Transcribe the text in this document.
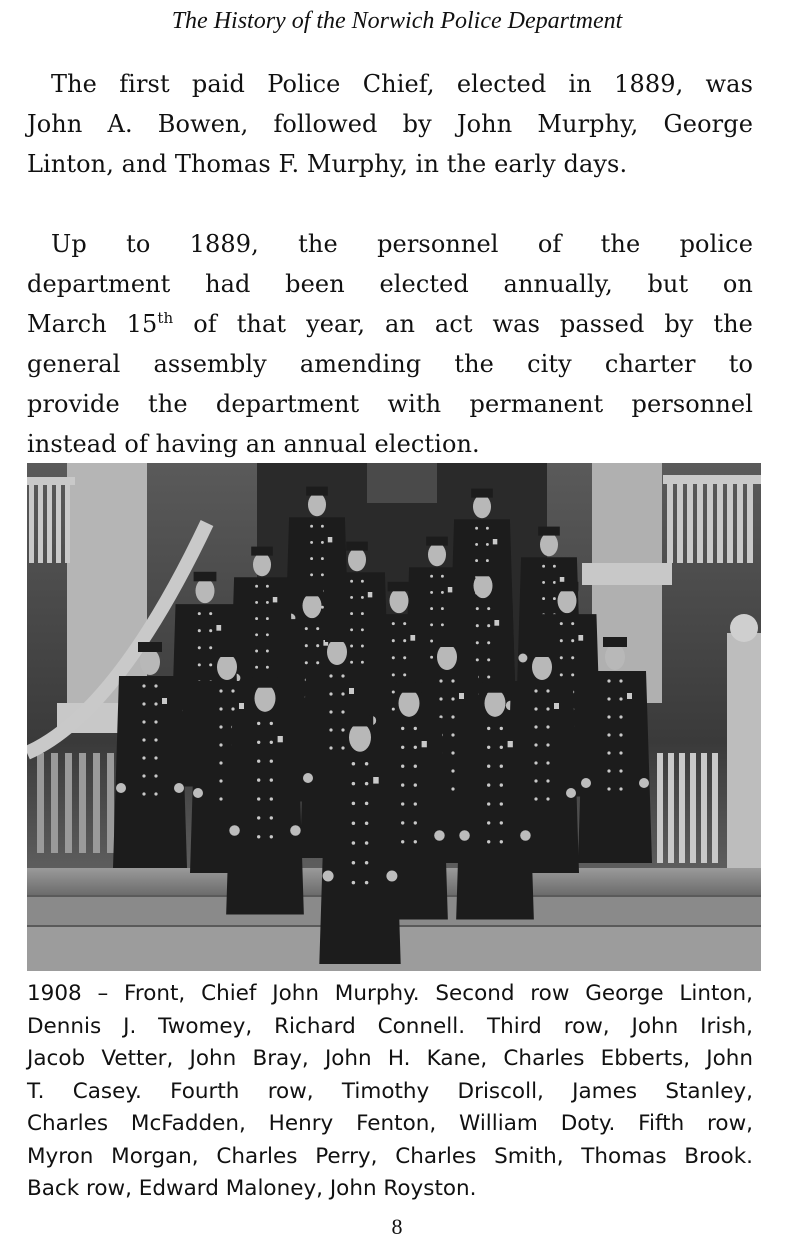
The History of the Norwich Police Department

The first paid Police Chief, elected in 1889, was
John A. Bowen, followed by John Murphy, George
Linton, and Thomas F. Murphy, in the early days.

Up to 1889, the personnel of the police
department had been elected annually, but on
March 15th of that year, an act was passed by the
general assembly amending the city charter to
provide the department with permanent personnel
instead of having an annual election.

1908 – Front, Chief John Murphy. Second row George Linton,
Dennis J. Twomey, Richard Connell. Third row, John Irish,
Jacob Vetter, John Bray, John H. Kane, Charles Ebberts, John
T. Casey. Fourth row, Timothy Driscoll, James Stanley,
Charles McFadden, Henry Fenton, William Doty. Fifth row,
Myron Morgan, Charles Perry, Charles Smith, Thomas Brook.
Back row, Edward Maloney, John Royston.

8
